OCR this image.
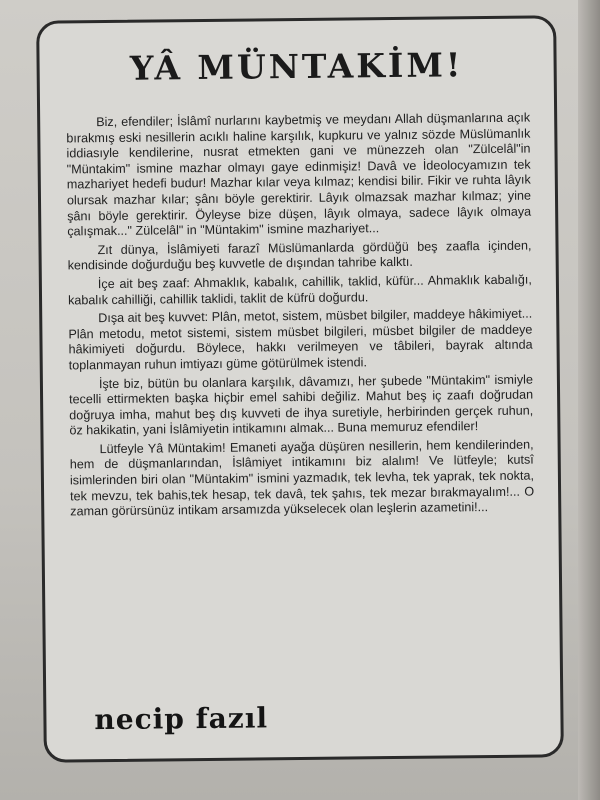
YÂ MÜNTAKİM!

Biz, efendiler; İslâmî nurlarını kaybetmiş ve meydanı Allah düşmanlarına açık bırakmış eski nesillerin acıklı haline karşılık, kupkuru ve yalnız sözde Müslümanlık iddiasıyle kendilerine, nusrat etmekten gani ve münezzeh olan "Zülcelâl"in "Müntakim" ismine mazhar olmayı gaye edinmişiz! Davâ ve İdeolocyamızın tek mazhariyet hedefi budur! Mazhar kılar veya kılmaz; kendisi bilir. Fikir ve ruhta lâyık olursak mazhar kılar; şânı böyle gerektirir. Lâyık olmazsak mazhar kılmaz; yine şânı böyle gerektirir. Öyleyse bize düşen, lâyık olmaya, sadece lâyık olmaya çalışmak..." Zülcelâl" in "Müntakim" ismine mazhariyet...

Zıt dünya, İslâmiyeti farazî Müslümanlarda gördüğü beş zaafla içinden, kendisinde doğurduğu beş kuvvetle de dışından tahribe kalktı.

İçe ait beş zaaf: Ahmaklık, kabalık, cahillik, taklid, küfür... Ahmaklık kabalığı, kabalık cahilliği, cahillik taklidi, taklit de küfrü doğurdu.

Dışa ait beş kuvvet: Plân, metot, sistem, müsbet bilgiler, maddeye hâkimiyet... Plân metodu, metot sistemi, sistem müsbet bilgileri, müsbet bilgiler de maddeye hâkimiyeti doğurdu. Böylece, hakkı verilmeyen ve tâbileri, bayrak altında toplanmayan ruhun imtiyazı güme götürülmek istendi.

İşte biz, bütün bu olanlara karşılık, dâvamızı, her şubede "Müntakim" ismiyle tecelli ettirmekten başka hiçbir emel sahibi değiliz. Mahut beş iç zaafı doğrudan doğruya imha, mahut beş dış kuvveti de ihya suretiyle, herbirinden gerçek ruhun, öz hakikatin, yani İslâmiyetin intikamını almak... Buna memuruz efendiler!

Lütfeyle Yâ Müntakim! Emaneti ayağa düşüren nesillerin, hem kendilerinden, hem de düşmanlarından, İslâmiyet intikamını biz alalım! Ve lütfeyle; kutsî isimlerinden biri olan "Müntakim" ismini yazmadık, tek levha, tek yaprak, tek nokta, tek mevzu, tek bahis,tek hesap, tek davâ, tek şahıs, tek mezar bırakmayalım!... O zaman görürsünüz intikam arsamızda yükselecek olan leşlerin azametini!...

necip fazıl
